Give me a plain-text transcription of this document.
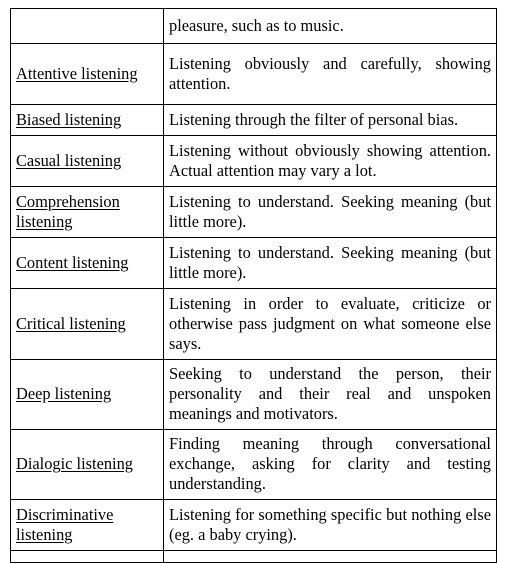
	pleasure, such as to music.
Attentive listening	Listening obviously and carefully, showing attention.
Biased listening	Listening through the filter of personal bias.
Casual listening	Listening without obviously showing attention. Actual attention may vary a lot.
Comprehension listening	Listening to understand. Seeking meaning (but little more).
Content listening	Listening to understand. Seeking meaning (but little more).
Critical listening	Listening in order to evaluate, criticize or otherwise pass judgment on what someone else says.
Deep listening	Seeking to understand the person, their personality and their real and unspoken meanings and motivators.
Dialogic listening	Finding meaning through conversational exchange, asking for clarity and testing understanding.
Discriminative listening	Listening for something specific but nothing else (eg. a baby crying).
